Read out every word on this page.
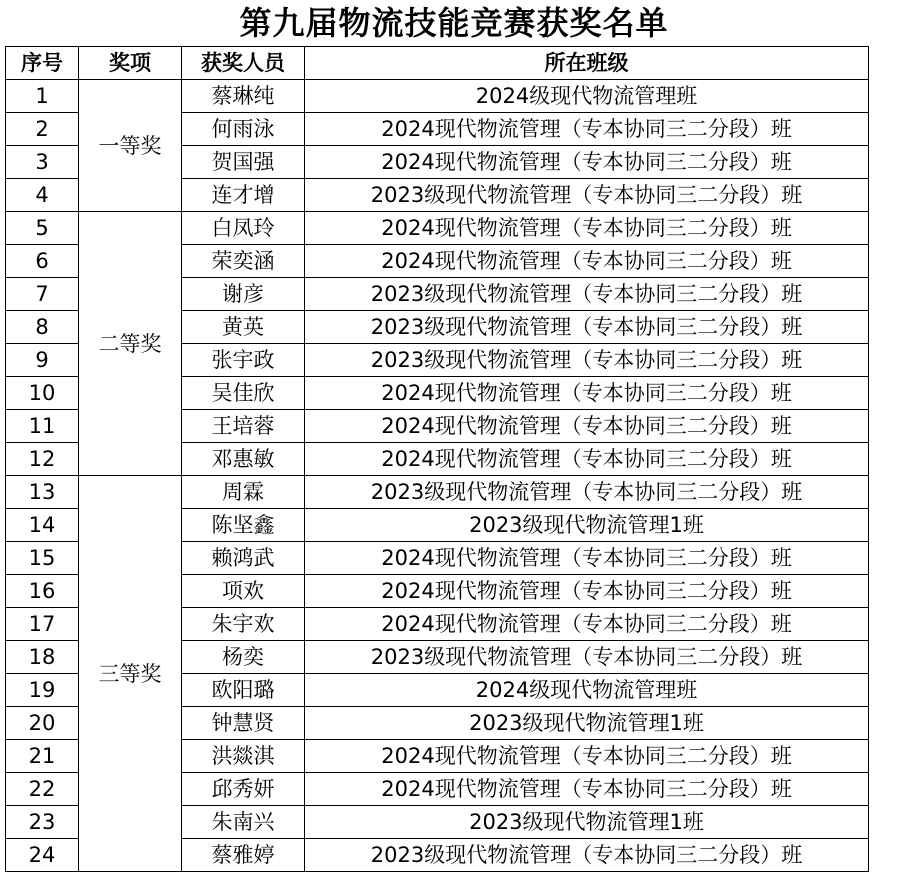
第九届物流技能竞赛获奖名单
序号	奖项	获奖人员	所在班级
1	一等奖	蔡琳纯	2024级现代物流管理班
2		何雨泳	2024现代物流管理（专本协同三二分段）班
3		贺国强	2024现代物流管理（专本协同三二分段）班
4		连才增	2023级现代物流管理（专本协同三二分段）班
5	二等奖	白凤玲	2024现代物流管理（专本协同三二分段）班
6		荣奕涵	2024现代物流管理（专本协同三二分段）班
7		谢彦	2023级现代物流管理（专本协同三二分段）班
8		黄英	2023级现代物流管理（专本协同三二分段）班
9		张宇政	2023级现代物流管理（专本协同三二分段）班
10		吴佳欣	2024现代物流管理（专本协同三二分段）班
11		王培蓉	2024现代物流管理（专本协同三二分段）班
12		邓惠敏	2024现代物流管理（专本协同三二分段）班
13	三等奖	周霖	2023级现代物流管理（专本协同三二分段）班
14		陈坚鑫	2023级现代物流管理1班
15		赖鸿武	2024现代物流管理（专本协同三二分段）班
16		项欢	2024现代物流管理（专本协同三二分段）班
17		朱宇欢	2024现代物流管理（专本协同三二分段）班
18		杨奕	2023级现代物流管理（专本协同三二分段）班
19		欧阳璐	2024级现代物流管理班
20		钟慧贤	2023级现代物流管理1班
21		洪燚淇	2024现代物流管理（专本协同三二分段）班
22		邱秀妍	2024现代物流管理（专本协同三二分段）班
23		朱南兴	2023级现代物流管理1班
24		蔡雅婷	2023级现代物流管理（专本协同三二分段）班
